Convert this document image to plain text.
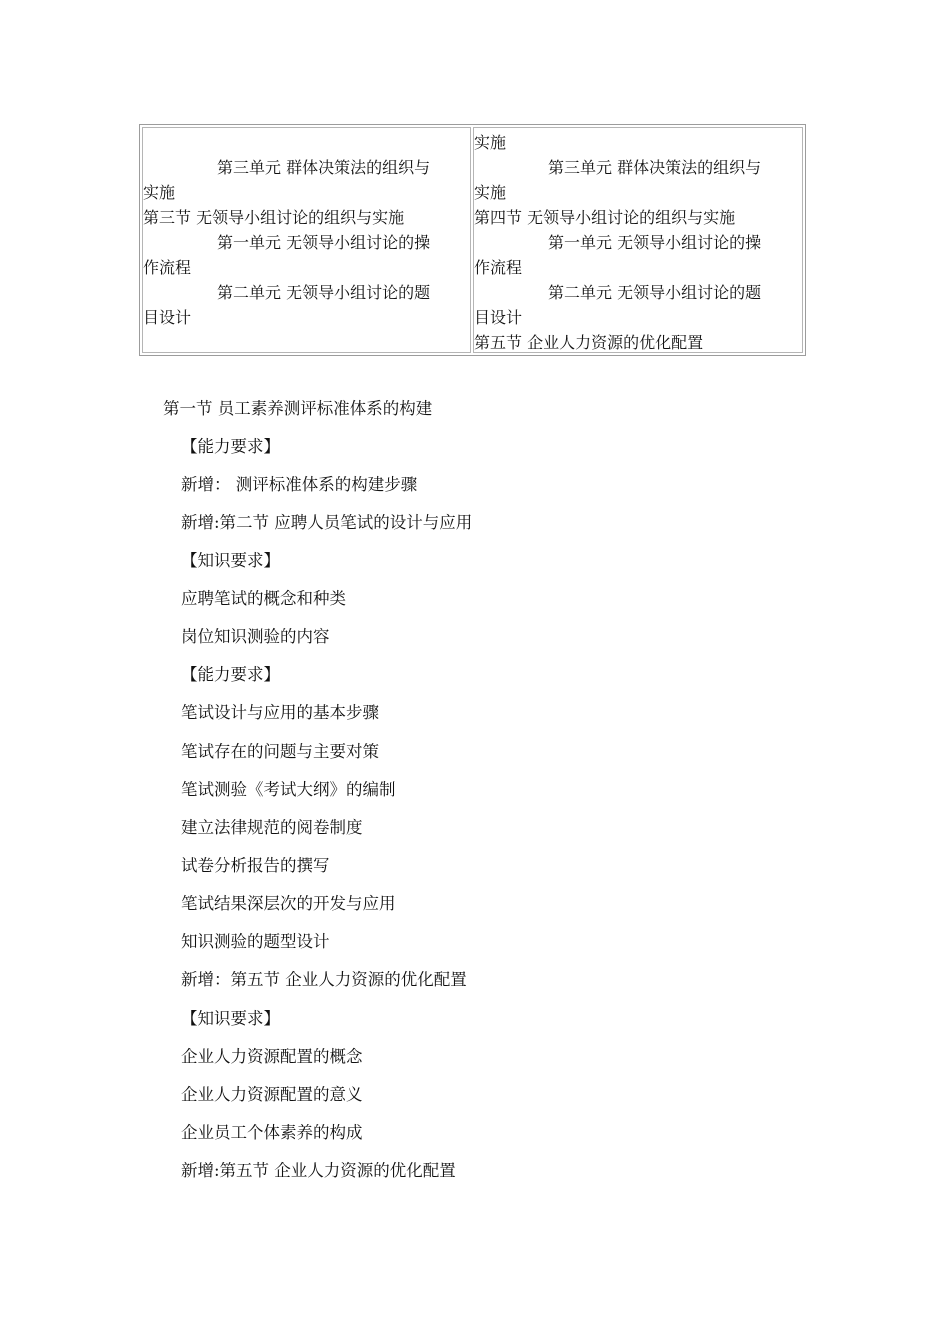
第三单元 群体决策法的组织与
实施
第三节 无领导小组讨论的组织与实施
第一单元 无领导小组讨论的操
作流程
第二单元 无领导小组讨论的题
目设计
实施
第三单元 群体决策法的组织与
实施
第四节 无领导小组讨论的组织与实施
第一单元 无领导小组讨论的操
作流程
第二单元 无领导小组讨论的题
目设计
第五节 企业人力资源的优化配置
第一节 员工素养测评标准体系的构建
【能力要求】
新增： 测评标准体系的构建步骤
新增:第二节 应聘人员笔试的设计与应用
【知识要求】
应聘笔试的概念和种类
岗位知识测验的内容
【能力要求】
笔试设计与应用的基本步骤
笔试存在的问题与主要对策
笔试测验《考试大纲》的编制
建立法律规范的阅卷制度
试卷分析报告的撰写
笔试结果深层次的开发与应用
知识测验的题型设计
新增：第五节 企业人力资源的优化配置
【知识要求】
企业人力资源配置的概念
企业人力资源配置的意义
企业员工个体素养的构成
新增:第五节 企业人力资源的优化配置
